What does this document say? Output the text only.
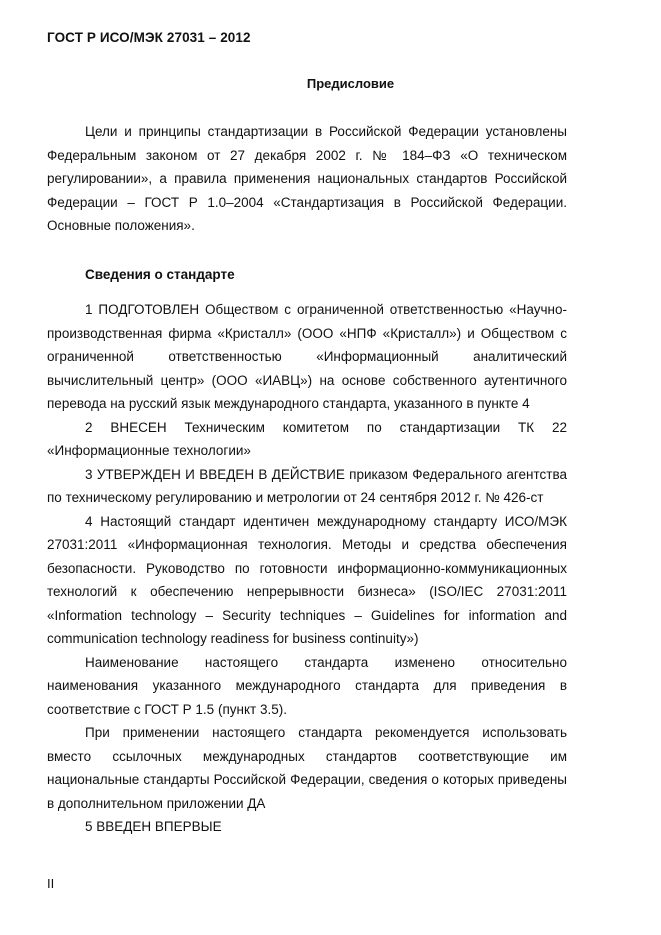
ГОСТ Р ИСО/МЭК 27031 – 2012
Предисловие

Цели и принципы стандартизации в Российской Федерации установлены Федеральным законом от 27 декабря 2002 г. № 184–ФЗ «О техническом регулировании», а правила применения национальных стандартов Российской Федерации – ГОСТ Р 1.0–2004 «Стандартизация в Российской Федерации. Основные положения».

Сведения о стандарте

1 ПОДГОТОВЛЕН Обществом с ограниченной ответственностью «Научно-производственная фирма «Кристалл» (ООО «НПФ «Кристалл») и Обществом с ограниченной ответственностью «Информационный аналитический вычислительный центр» (ООО «ИАВЦ») на основе собственного аутентичного перевода на русский язык международного стандарта, указанного в пункте 4

2 ВНЕСЕН Техническим комитетом по стандартизации ТК 22 «Информационные технологии»

3 УТВЕРЖДЕН И ВВЕДЕН В ДЕЙСТВИЕ приказом Федерального агентства по техническому регулированию и метрологии от 24 сентября 2012 г. № 426-ст

4 Настоящий стандарт идентичен международному стандарту ИСО/МЭК 27031:2011 «Информационная технология. Методы и средства обеспечения безопасности. Руководство по готовности информационно-коммуникационных технологий к обеспечению непрерывности бизнеса» (ISO/IEC 27031:2011 «Information technology – Security techniques – Guidelines for information and communication technology readiness for business continuity»)

Наименование настоящего стандарта изменено относительно наименования указанного международного стандарта для приведения в соответствие с ГОСТ Р 1.5 (пункт 3.5).

При применении настоящего стандарта рекомендуется использовать вместо ссылочных международных стандартов соответствующие им национальные стандарты Российской Федерации, сведения о которых приведены в дополнительном приложении ДА

5 ВВЕДЕН ВПЕРВЫЕ

II
